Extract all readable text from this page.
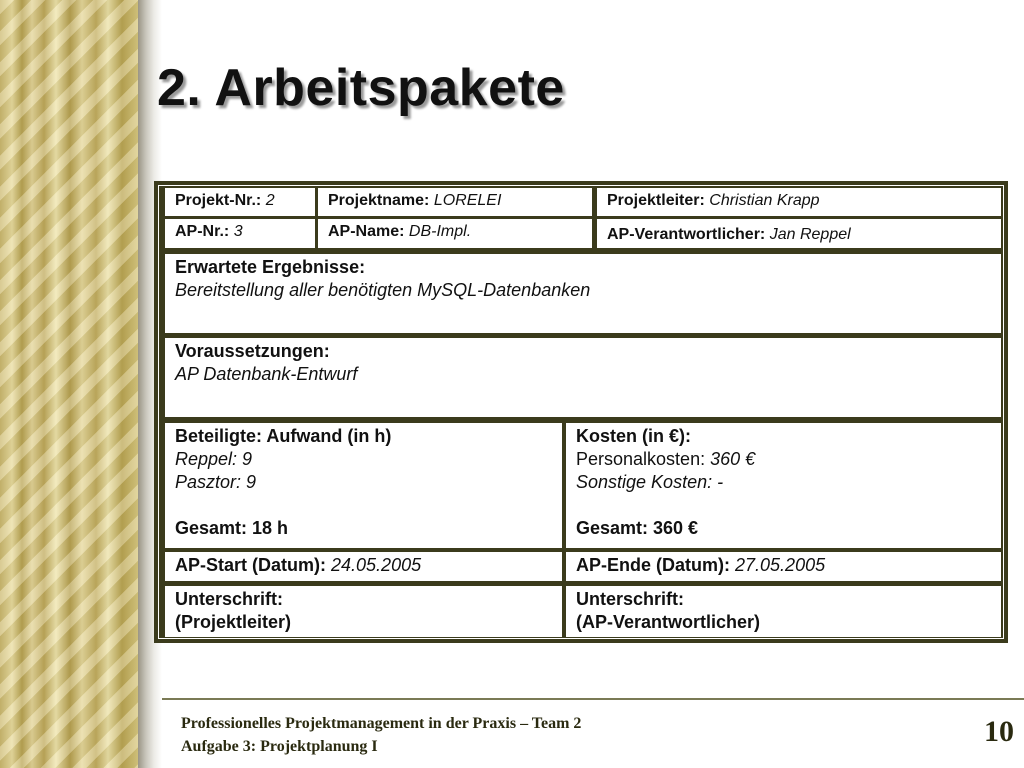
2. Arbeitspakete
Projekt-Nr.: 2	Projektname: LORELEI	Projektleiter: Christian Krapp
AP-Nr.: 3	AP-Name: DB-Impl.	AP-Verantwortlicher: Jan Reppel
Erwartete Ergebnisse:
Bereitstellung aller benötigten MySQL-Datenbanken
Voraussetzungen:
AP Datenbank-Entwurf
Beteiligte: Aufwand (in h)
Reppel: 9
Pasztor: 9
Gesamt: 18 h
Kosten (in €):
Personalkosten: 360 €
Sonstige Kosten: -
Gesamt: 360 €
AP-Start (Datum): 24.05.2005	AP-Ende (Datum): 27.05.2005
Unterschrift:
(Projektleiter)
Unterschrift:
(AP-Verantwortlicher)
Professionelles Projektmanagement in der Praxis – Team 2
Aufgabe 3: Projektplanung I	10
